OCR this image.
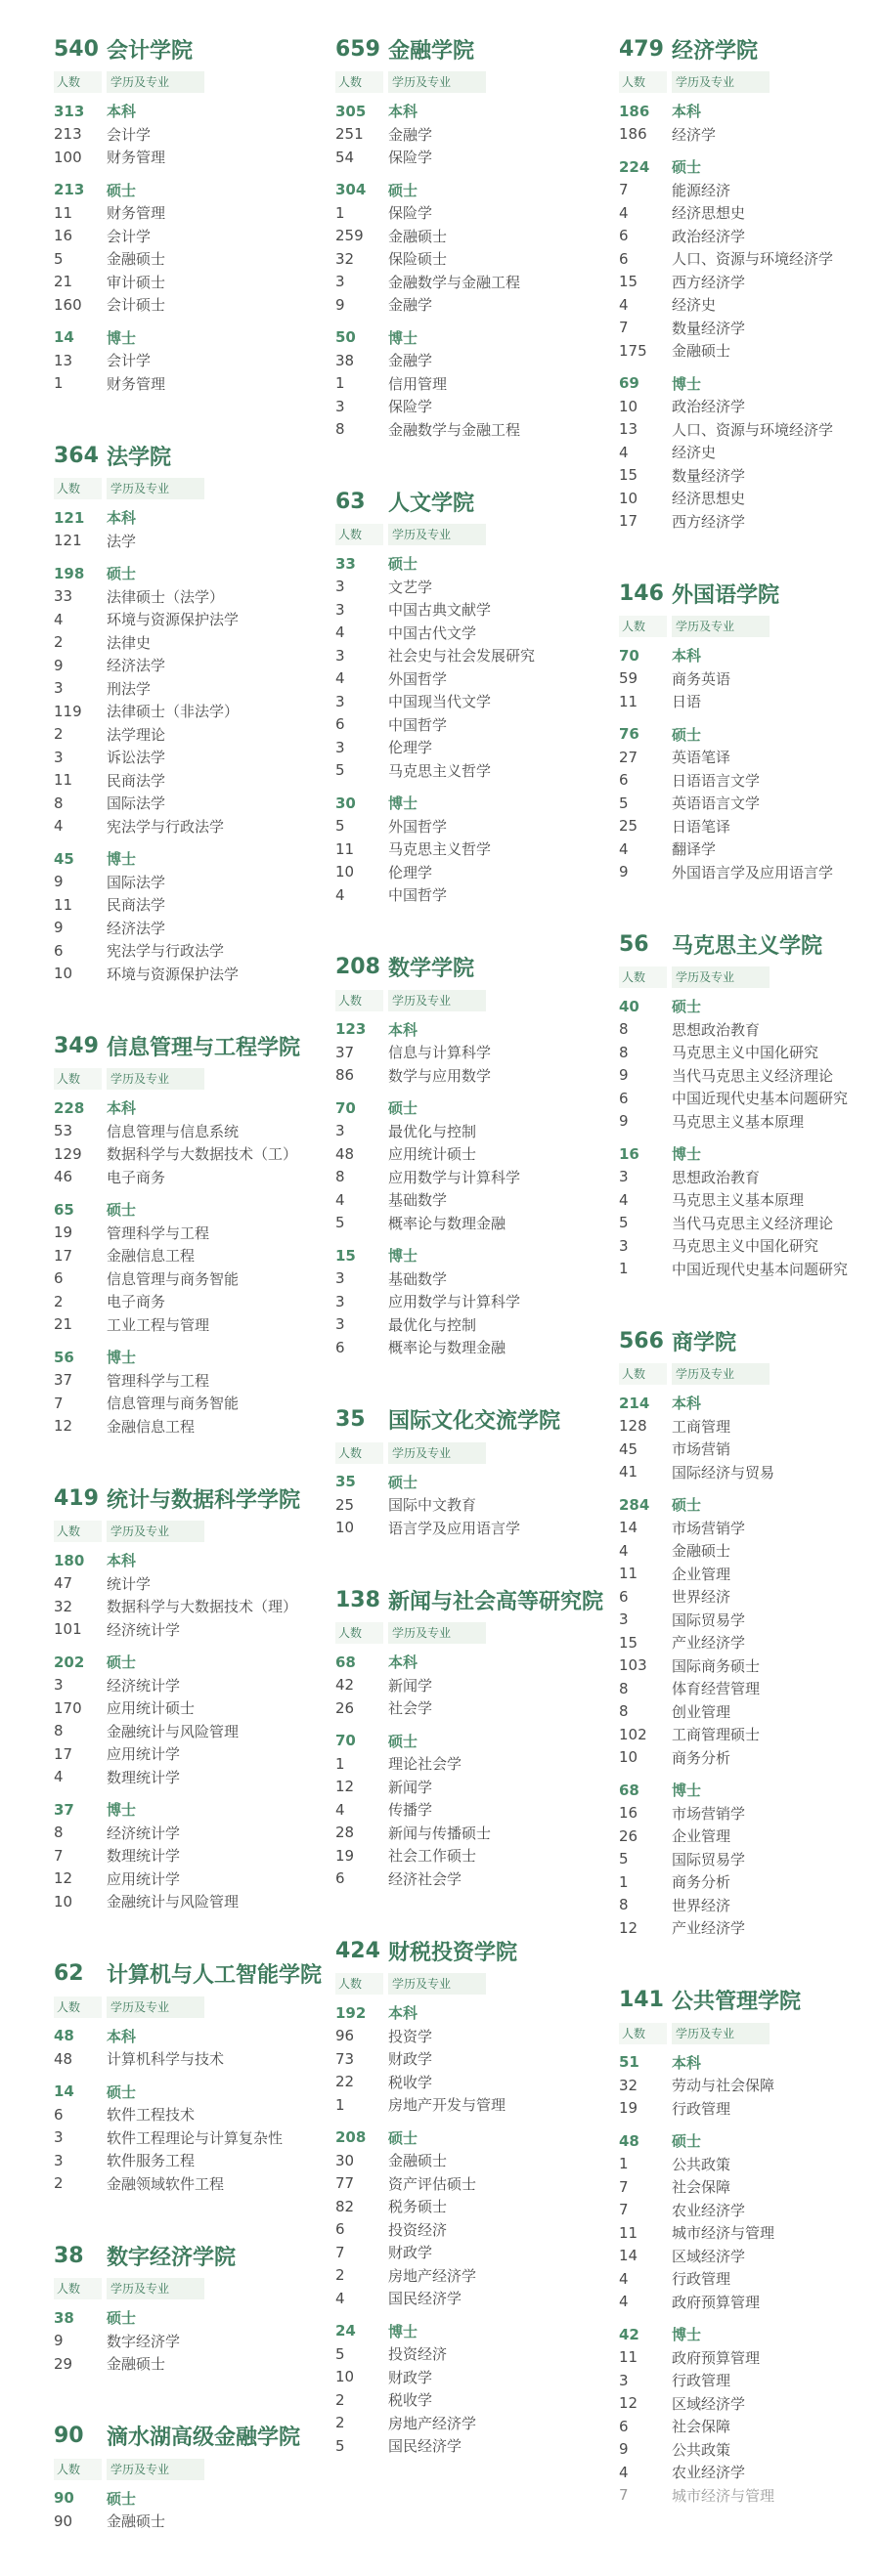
540 会计学院
人数	学历及专业
313	本科
213	会计学
100	财务管理
213	硕士
11	财务管理
16	会计学
5	金融硕士
21	审计硕士
160	会计硕士
14	博士
13	会计学
1	财务管理
364 法学院
人数	学历及专业
121	本科
121	法学
198	硕士
33	法律硕士（法学）
4	环境与资源保护法学
2	法律史
9	经济法学
3	刑法学
119	法律硕士（非法学）
2	法学理论
3	诉讼法学
11	民商法学
8	国际法学
4	宪法学与行政法学
45	博士
9	国际法学
11	民商法学
9	经济法学
6	宪法学与行政法学
10	环境与资源保护法学
349 信息管理与工程学院
人数	学历及专业
228	本科
53	信息管理与信息系统
129	数据科学与大数据技术（工）
46	电子商务
65	硕士
19	管理科学与工程
17	金融信息工程
6	信息管理与商务智能
2	电子商务
21	工业工程与管理
56	博士
37	管理科学与工程
7	信息管理与商务智能
12	金融信息工程
419 统计与数据科学学院
人数	学历及专业
180	本科
47	统计学
32	数据科学与大数据技术（理）
101	经济统计学
202	硕士
3	经济统计学
170	应用统计硕士
8	金融统计与风险管理
17	应用统计学
4	数理统计学
37	博士
8	经济统计学
7	数理统计学
12	应用统计学
10	金融统计与风险管理
62	计算机与人工智能学院
人数	学历及专业
48	本科
48	计算机科学与技术
14	硕士
6	软件工程技术
3	软件工程理论与计算复杂性
3	软件服务工程
2	金融领域软件工程
38	数字经济学院
人数	学历及专业
38	硕士
9	数字经济学
29	金融硕士
90	滴水湖高级金融学院
人数	学历及专业
90	硕士
90	金融硕士
659 金融学院
人数	学历及专业
305	本科
251	金融学
54	保险学
304	硕士
1	保险学
259	金融硕士
32	保险硕士
3	金融数学与金融工程
9	金融学
50	博士
38	金融学
1	信用管理
3	保险学
8	金融数学与金融工程
63	人文学院
人数	学历及专业
33	硕士
3	文艺学
3	中国古典文献学
4	中国古代文学
3	社会史与社会发展研究
4	外国哲学
3	中国现当代文学
6	中国哲学
3	伦理学
5	马克思主义哲学
30	博士
5	外国哲学
11	马克思主义哲学
10	伦理学
4	中国哲学
208 数学学院
人数	学历及专业
123	本科
37	信息与计算科学
86	数学与应用数学
70	硕士
3	最优化与控制
48	应用统计硕士
8	应用数学与计算科学
4	基础数学
5	概率论与数理金融
15	博士
3	基础数学
3	应用数学与计算科学
3	最优化与控制
6	概率论与数理金融
35	国际文化交流学院
人数	学历及专业
35	硕士
25	国际中文教育
10	语言学及应用语言学
138 新闻与社会高等研究院
人数	学历及专业
68	本科
42	新闻学
26	社会学
70	硕士
1	理论社会学
12	新闻学
4	传播学
28	新闻与传播硕士
19	社会工作硕士
6	经济社会学
424 财税投资学院
人数	学历及专业
192	本科
96	投资学
73	财政学
22	税收学
1	房地产开发与管理
208	硕士
30	金融硕士
77	资产评估硕士
82	税务硕士
6	投资经济
7	财政学
2	房地产经济学
4	国民经济学
24	博士
5	投资经济
10	财政学
2	税收学
2	房地产经济学
5	国民经济学
479 经济学院
人数	学历及专业
186	本科
186	经济学
224	硕士
7	能源经济
4	经济思想史
6	政治经济学
6	人口、资源与环境经济学
15	西方经济学
4	经济史
7	数量经济学
175	金融硕士
69	博士
10	政治经济学
13	人口、资源与环境经济学
4	经济史
15	数量经济学
10	经济思想史
17	西方经济学
146 外国语学院
人数	学历及专业
70	本科
59	商务英语
11	日语
76	硕士
27	英语笔译
6	日语语言文学
5	英语语言文学
25	日语笔译
4	翻译学
9	外国语言学及应用语言学
56	马克思主义学院
人数	学历及专业
40	硕士
8	思想政治教育
8	马克思主义中国化研究
9	当代马克思主义经济理论
6	中国近现代史基本问题研究
9	马克思主义基本原理
16	博士
3	思想政治教育
4	马克思主义基本原理
5	当代马克思主义经济理论
3	马克思主义中国化研究
1	中国近现代史基本问题研究
566 商学院
人数	学历及专业
214	本科
128	工商管理
45	市场营销
41	国际经济与贸易
284	硕士
14	市场营销学
4	金融硕士
11	企业管理
6	世界经济
3	国际贸易学
15	产业经济学
103	国际商务硕士
8	体育经营管理
8	创业管理
102	工商管理硕士
10	商务分析
68	博士
16	市场营销学
26	企业管理
5	国际贸易学
1	商务分析
8	世界经济
12	产业经济学
141 公共管理学院
人数	学历及专业
51	本科
32	劳动与社会保障
19	行政管理
48	硕士
1	公共政策
7	社会保障
7	农业经济学
11	城市经济与管理
14	区域经济学
4	行政管理
4	政府预算管理
42	博士
11	政府预算管理
3	行政管理
12	区域经济学
6	社会保障
9	公共政策
4	农业经济学
7	城市经济与管理
